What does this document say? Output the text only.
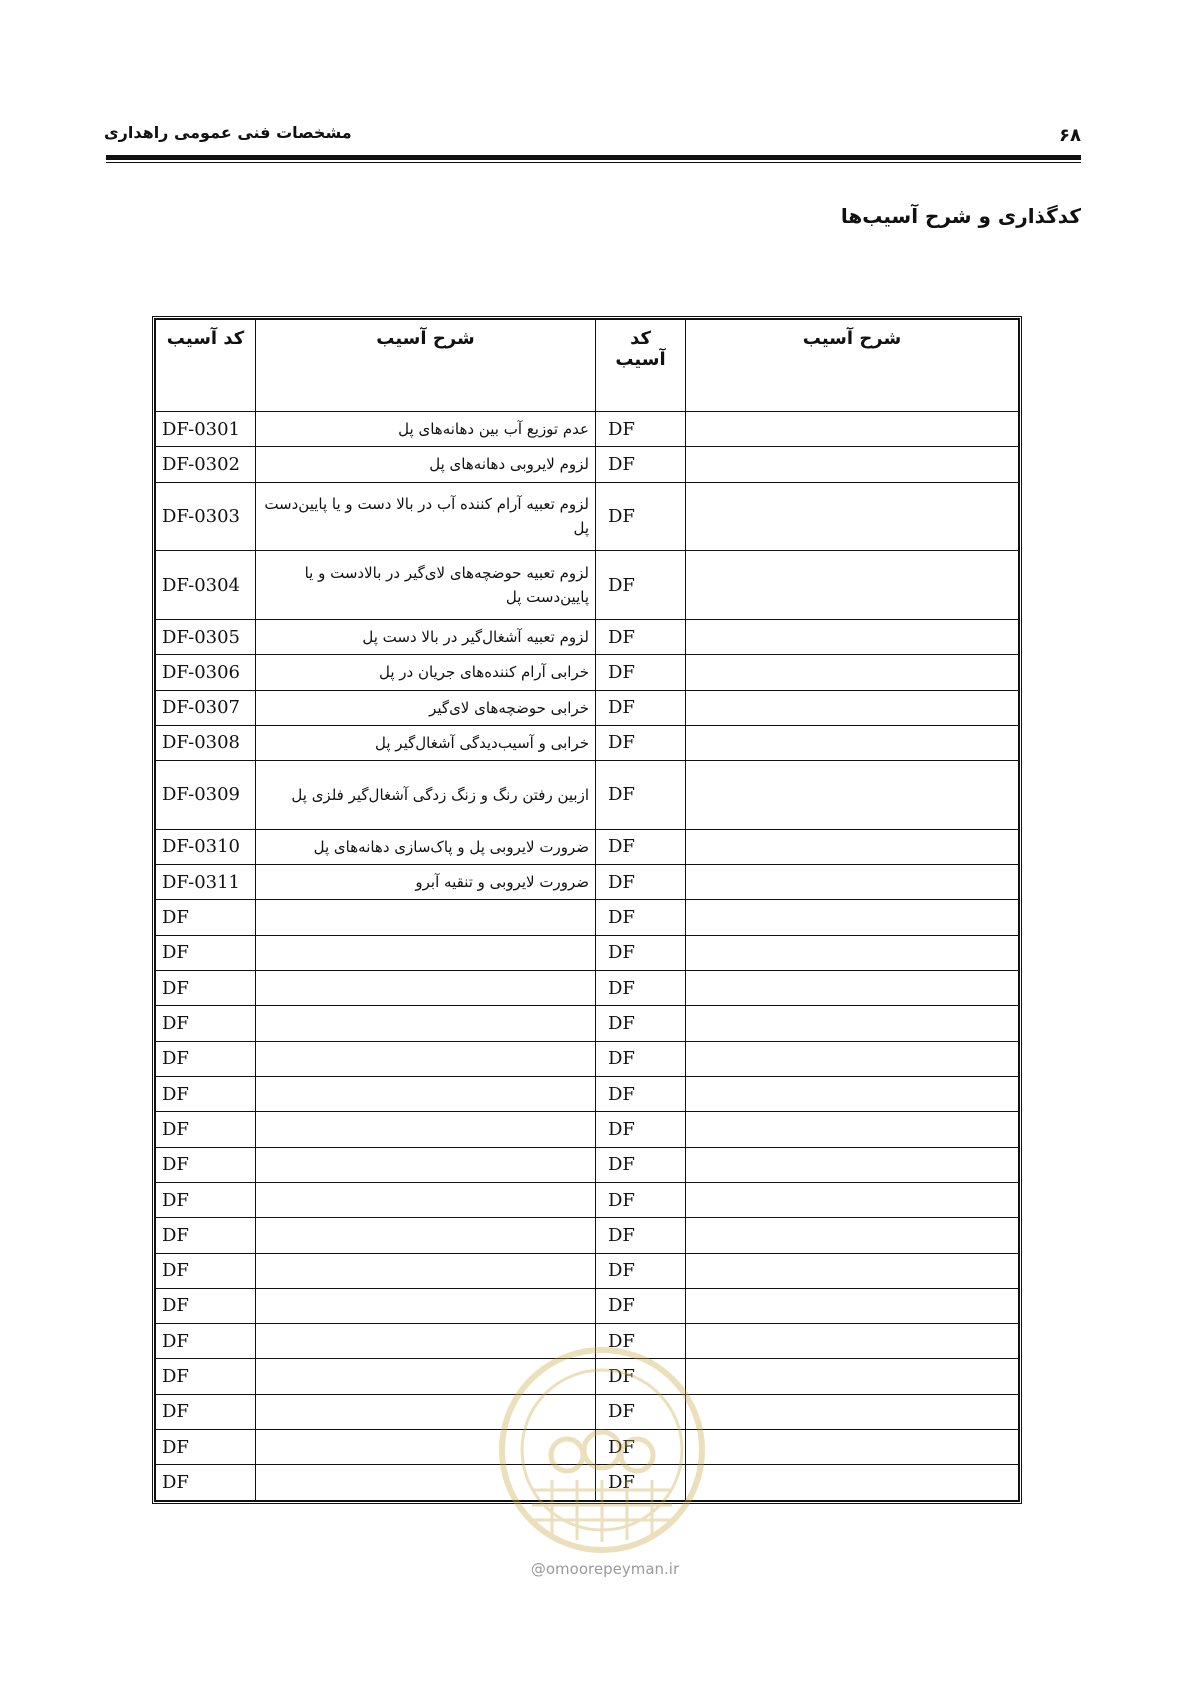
مشخصات فنی عمومی راهداری	۶۸
کدگذاری و شرح آسیب‌ها
کد آسیب	شرح آسیب	کد آسیب	شرح آسیب
DF-0301	عدم توزیع آب بین دهانه‌های پل	DF	
DF-0302	لزوم لایروبی دهانه‌های پل	DF	
DF-0303	لزوم تعبیه آرام کننده آب در بالا دست و یا پایین‌دست پل	DF	
DF-0304	لزوم تعبیه حوضچه‌های لای‌گیر در بالادست و یا پایین‌دست پل	DF	
DF-0305	لزوم تعبیه آشغال‌گیر در بالا دست پل	DF	
DF-0306	خرابی آرام کننده‌های جریان در پل	DF	
DF-0307	خرابی حوضچه‌های لای‌گیر	DF	
DF-0308	خرابی و آسیب‌دیدگی آشغال‌گیر پل	DF	
DF-0309	ازبین رفتن رنگ و زنگ زدگی آشغال‌گیر فلزی پل	DF	
DF-0310	ضرورت لایروبی پل و پاک‌سازی دهانه‌های پل	DF	
DF-0311	ضرورت لایروبی و تنقیه آبرو	DF	
DF		DF	
DF		DF	
DF		DF	
DF		DF	
DF		DF	
DF		DF	
DF		DF	
DF		DF	
DF		DF	
DF		DF	
DF		DF	
DF		DF	
DF		DF	
DF		DF	
DF		DF	
DF		DF	
DF		DF	
@omoorepeyman.ir
